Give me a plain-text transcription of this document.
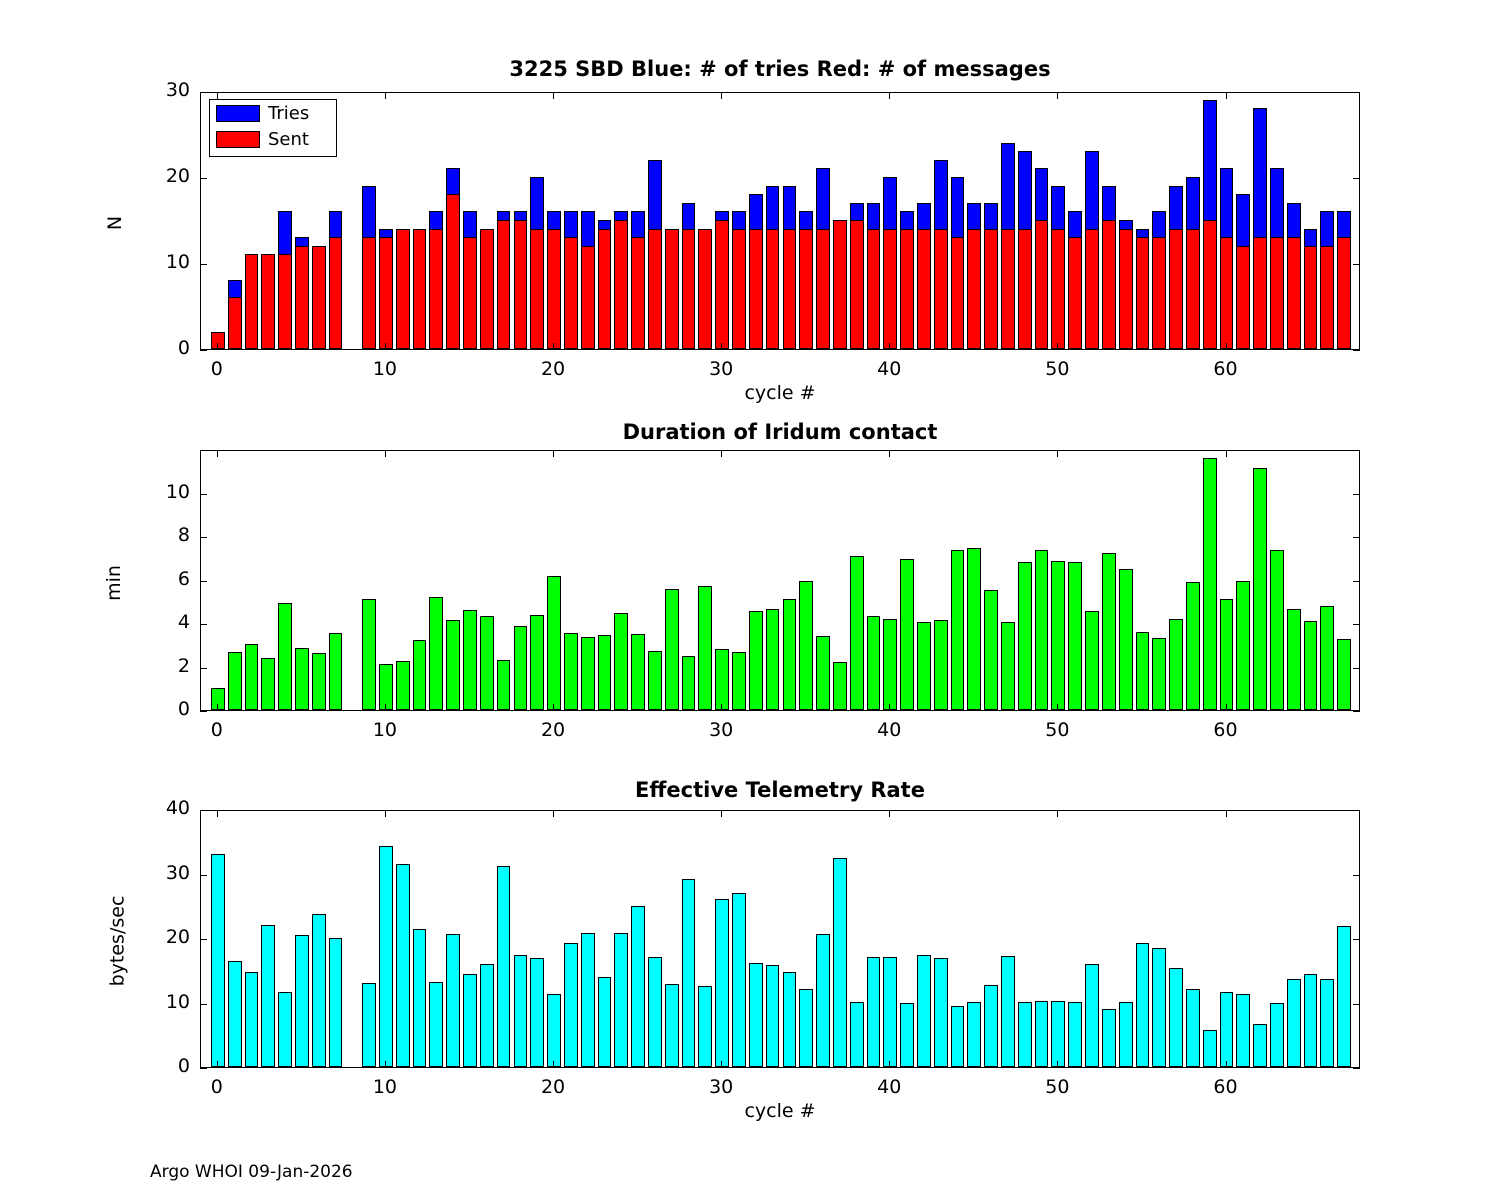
3225 SBD Blue: # of tries Red: # of messages
Tries
Sent
N
cycle #
Duration of Iridum contact
min
Effective Telemetry Rate
bytes/sec
cycle #
Argo WHOI 09-Jan-2026
0
10
20
30
0	10	20	30	40	50	60
0
2
4
6
8
10
0	10	20	30	40	50	60
0
10
20
30
40
0	10	20	30	40	50	60
